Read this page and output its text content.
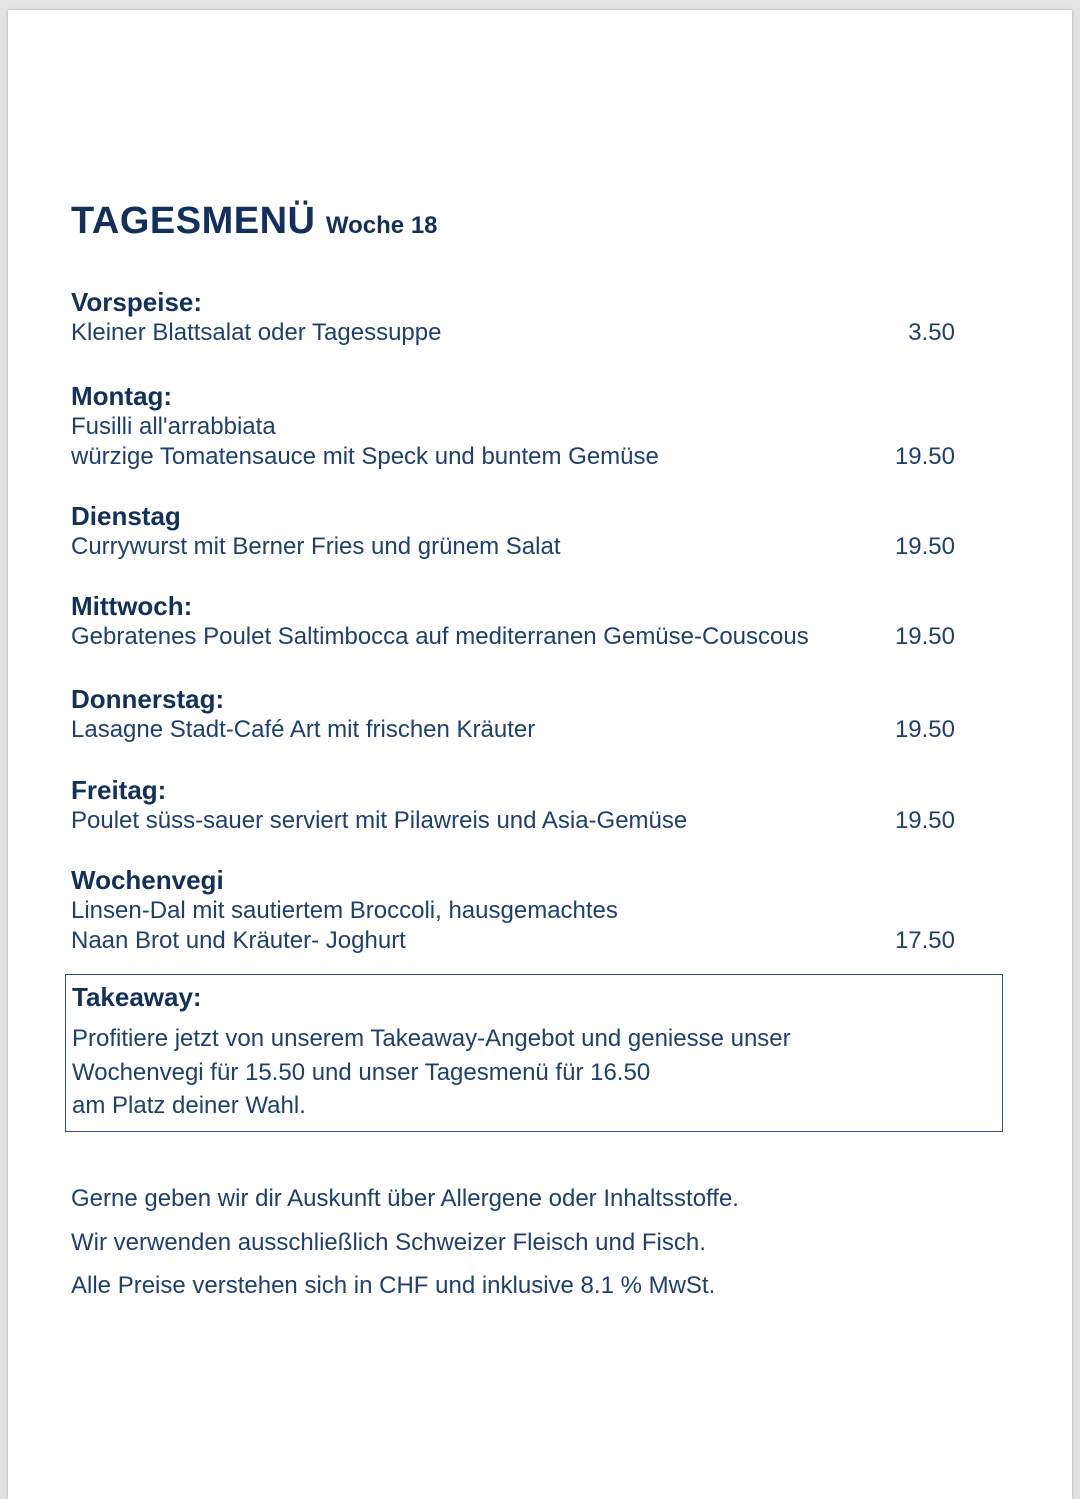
TAGESMENÜ Woche 18
Vorspeise:
Kleiner Blattsalat oder Tagessuppe	3.50
Montag:
Fusilli all'arrabbiata
würzige Tomatensauce mit Speck und buntem Gemüse	19.50
Dienstag
Currywurst mit Berner Fries und grünem Salat	19.50
Mittwoch:
Gebratenes Poulet Saltimbocca auf mediterranen Gemüse-Couscous	19.50
Donnerstag:
Lasagne Stadt-Café Art mit frischen Kräuter	19.50
Freitag:
Poulet süss-sauer serviert mit Pilawreis und Asia-Gemüse	19.50
Wochenvegi
Linsen-Dal mit sautiertem Broccoli, hausgemachtes
Naan Brot und Kräuter- Joghurt	17.50
Takeaway:
Profitiere jetzt von unserem Takeaway-Angebot und geniesse unser
Wochenvegi für 15.50 und unser Tagesmenü für 16.50
am Platz deiner Wahl.
Gerne geben wir dir Auskunft über Allergene oder Inhaltsstoffe.
Wir verwenden ausschließlich Schweizer Fleisch und Fisch.
Alle Preise verstehen sich in CHF und inklusive 8.1 % MwSt.
